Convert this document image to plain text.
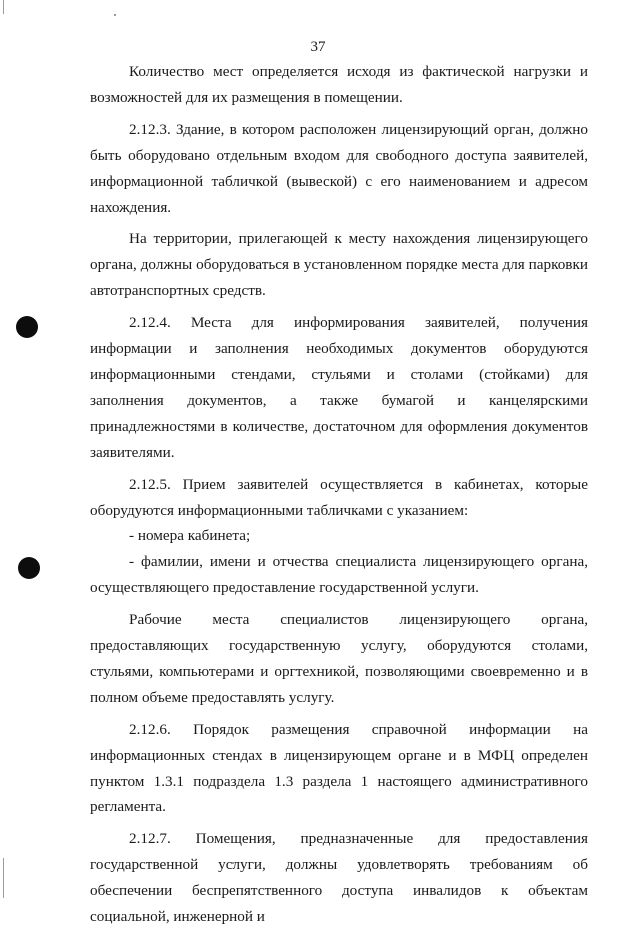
37

Количество мест определяется исходя из фактической нагрузки и возможностей для их размещения в помещении.

2.12.3. Здание, в котором расположен лицензирующий орган, должно быть оборудовано отдельным входом для свободного доступа заявителей, информационной табличкой (вывеской) с его наименованием и адресом нахождения.

На территории, прилегающей к месту нахождения лицензирующего органа, должны оборудоваться в установленном порядке места для парковки автотранспортных средств.

2.12.4. Места для информирования заявителей, получения информации и заполнения необходимых документов оборудуются информационными стендами, стульями и столами (стойками) для заполнения документов, а также бумагой и канцелярскими принадлежностями в количестве, достаточном для оформления документов заявителями.

2.12.5. Прием заявителей осуществляется в кабинетах, которые оборудуются информационными табличками с указанием:

- номера кабинета;

- фамилии, имени и отчества специалиста лицензирующего органа, осуществляющего предоставление государственной услуги.

Рабочие места специалистов лицензирующего органа, предоставляющих государственную услугу, оборудуются столами, стульями, компьютерами и оргтехникой, позволяющими своевременно и в полном объеме предоставлять услугу.

2.12.6. Порядок размещения справочной информации на информационных стендах в лицензирующем органе и в МФЦ определен пунктом 1.3.1 подраздела 1.3 раздела 1 настоящего административного регламента.

2.12.7. Помещения, предназначенные для предоставления государственной услуги, должны удовлетворять требованиям об обеспечении беспрепятственного доступа инвалидов к объектам социальной, инженерной и
